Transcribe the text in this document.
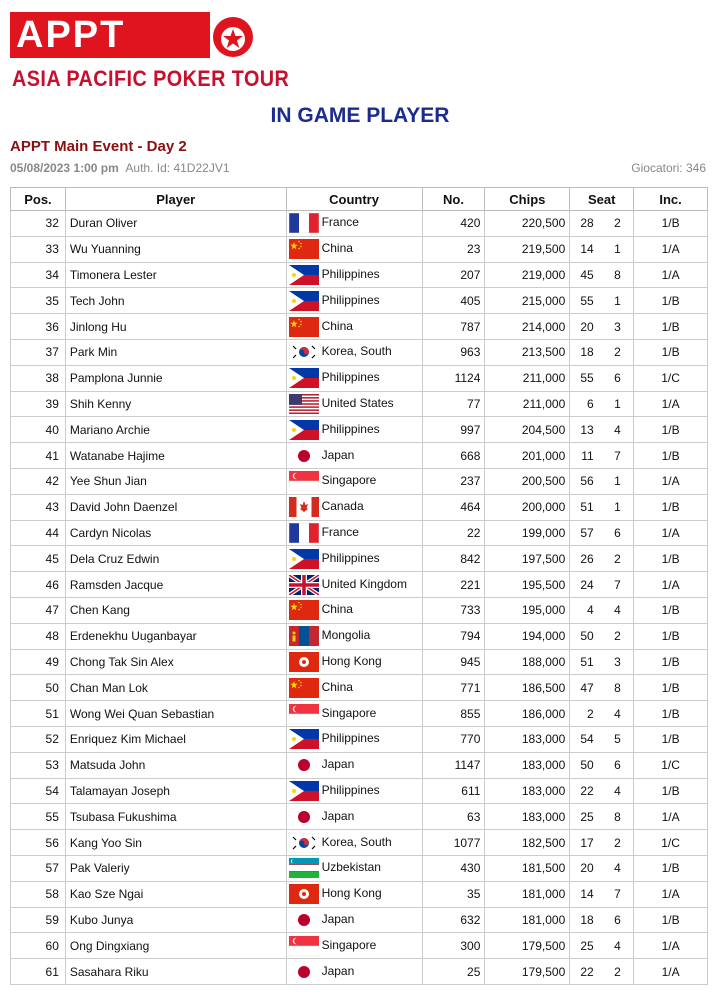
APPT
ASIA PACIFIC POKER TOUR
IN GAME PLAYER
APPT Main Event - Day 2
05/08/2023 1:00 pm Auth. Id: 41D22JV1	Giocatori: 346
Pos.	Player	Country	No.	Chips	Seat		Inc.
32	Duran Oliver	France	420	220,500	28	2	1/B
33	Wu Yuanning	China	23	219,500	14	1	1/A
34	Timonera Lester	Philippines	207	219,000	45	8	1/A
35	Tech John	Philippines	405	215,000	55	1	1/B
36	Jinlong Hu	China	787	214,000	20	3	1/B
37	Park Min	Korea, South	963	213,500	18	2	1/B
38	Pamplona Junnie	Philippines	1124	211,000	55	6	1/C
39	Shih Kenny	United States	77	211,000	6	1	1/A
40	Mariano Archie	Philippines	997	204,500	13	4	1/B
41	Watanabe Hajime	Japan	668	201,000	11	7	1/B
42	Yee Shun Jian	Singapore	237	200,500	56	1	1/A
43	David John Daenzel	Canada	464	200,000	51	1	1/B
44	Cardyn Nicolas	France	22	199,000	57	6	1/A
45	Dela Cruz Edwin	Philippines	842	197,500	26	2	1/B
46	Ramsden Jacque	United Kingdom	221	195,500	24	7	1/A
47	Chen Kang	China	733	195,000	4	4	1/B
48	Erdenekhu Uuganbayar	Mongolia	794	194,000	50	2	1/B
49	Chong Tak Sin Alex	Hong Kong	945	188,000	51	3	1/B
50	Chan Man Lok	China	771	186,500	47	8	1/B
51	Wong Wei Quan Sebastian	Singapore	855	186,000	2	4	1/B
52	Enriquez Kim Michael	Philippines	770	183,000	54	5	1/B
53	Matsuda John	Japan	1147	183,000	50	6	1/C
54	Talamayan Joseph	Philippines	611	183,000	22	4	1/B
55	Tsubasa Fukushima	Japan	63	183,000	25	8	1/A
56	Kang Yoo Sin	Korea, South	1077	182,500	17	2	1/C
57	Pak Valeriy	Uzbekistan	430	181,500	20	4	1/B
58	Kao Sze Ngai	Hong Kong	35	181,000	14	7	1/A
59	Kubo Junya	Japan	632	181,000	18	6	1/B
60	Ong Dingxiang	Singapore	300	179,500	25	4	1/A
61	Sasahara Riku	Japan	25	179,500	22	2	1/A
